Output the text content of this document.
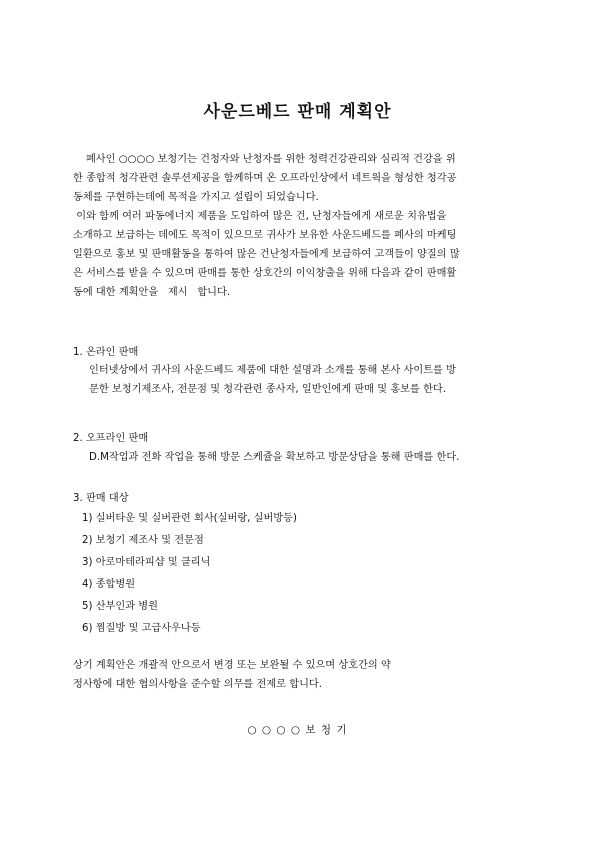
사운드베드 판매 계획안
폐사인 ○○○○ 보청기는 건청자와 난청자를 위한 청력건강관리와 심리적 건강을 위
한 종합적 청각관련 솔루션제공을 함께하며 온 오프라인상에서 네트웍을 형성한 청각공
동체를 구현하는데에 목적을 가지고 설립이 되었습니다.
이와 함께 여러 파동에너지 제품을 도입하여 많은 건, 난청자들에게 새로운 치유법을
소개하고 보급하는 데에도 목적이 있으므로 귀사가 보유한 사운드베드를 폐사의 마케팅
일환으로 홍보 및 판매활동을 통하여 많은 건난청자들에게 보급하여 고객들이 양질의 많
은 서비스를 받을 수 있으며 판매를 통한 상호간의 이익창출을 위해 다음과 같이 판매활
동에 대한 계획안을   제시   합니다.
1. 온라인 판매
인터넷상에서 귀사의 사운드베드 제품에 대한 설명과 소개를 통해 본사 사이트를 방
문한 보청기제조사, 전문점 및 청각관련 종사자, 일반인에게 판매 및 홍보를 한다.
2. 오프라인 판매
D.M작업과 전화 작업을 통해 방문 스케쥴을 확보하고 방문상담을 통해 판매를 한다.
3. 판매 대상
1) 실버타운 및 실버관련 회사(실버랑, 실버방등)
2) 보청기 제조사 및 전문점
3) 아로마테라피샵 및 클리닉
4) 종합병원
5) 산부인과 병원
6) 찜질방 및 고급사우나등
상기 계획안은 개괄적 안으로서 변경 또는 보완될 수 있으며 상호간의 약
정사항에 대한 협의사항을 준수할 의무를 전제로 합니다.
○ ○ ○ ○ 보 청 기
